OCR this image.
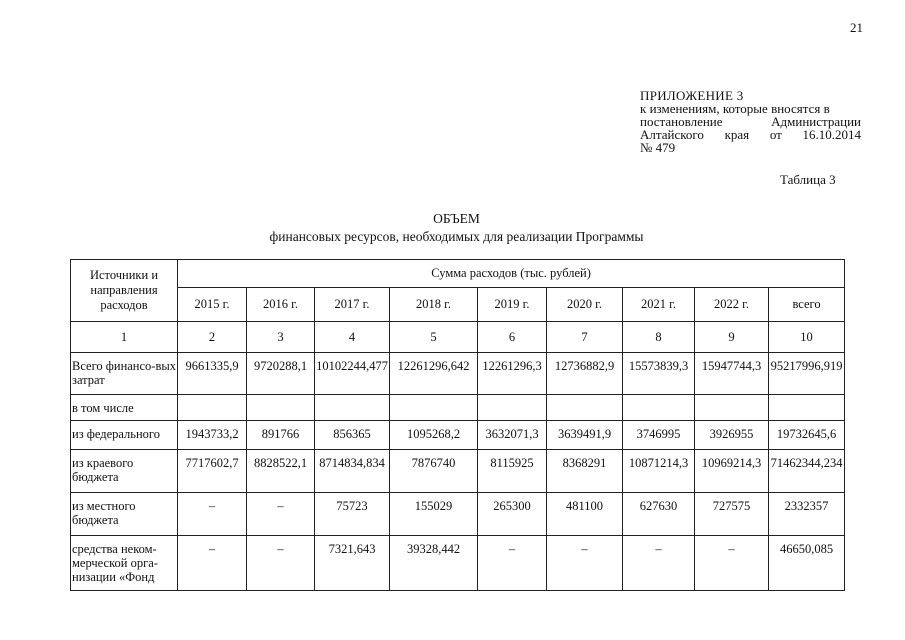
21
ПРИЛОЖЕНИЕ 3
к изменениям, которые вносятся в
постановление	Администрации
Алтайского края от 16.10.2014
№ 479
Таблица 3
ОБЪЕМ
финансовых ресурсов, необходимых для реализации Программы
Источники и направления расходов	Сумма расходов (тыс. рублей)								
	2015 г.	2016 г.	2017 г.	2018 г.	2019 г.	2020 г.	2021 г.	2022 г.	всего
1	2	3	4	5	6	7	8	9	10
Всего финансо-вых затрат	9661335,9	9720288,1	10102244,477	12261296,642	12261296,3	12736882,9	15573839,3	15947744,3	95217996,919
в том числе									
из федерального	1943733,2	891766	856365	1095268,2	3632071,3	3639491,9	3746995	3926955	19732645,6
из краевого бюджета	7717602,7	8828522,1	8714834,834	7876740	8115925	8368291	10871214,3	10969214,3	71462344,234
из местного бюджета	–	–	75723	155029	265300	481100	627630	727575	2332357
средства неком-мерческой орга-низации «Фонд	–	–	7321,643	39328,442	–	–	–	–	46650,085
